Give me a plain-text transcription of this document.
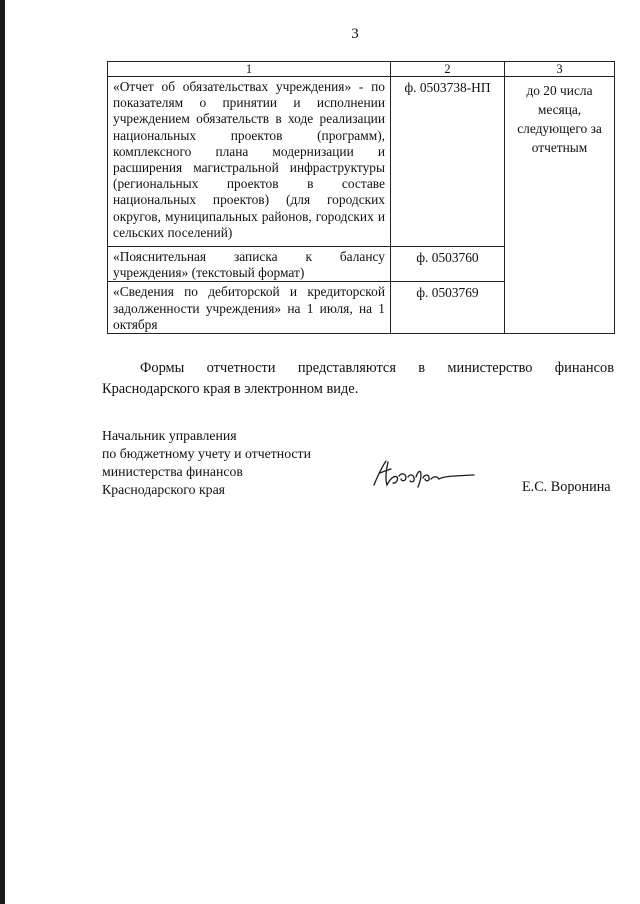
3
1	2	3
«Отчет об обязательствах учреждения» - по показателям о принятии и исполнении учреждением обязательств в ходе реализации национальных проектов (программ), комплексного плана модернизации и расширения магистральной инфраструктуры (региональных проектов в составе национальных проектов) (для городских округов, муниципальных районов, городских и сельских поселений)	ф. 0503738-НП	до 20 числа месяца, следующего за отчетным
«Пояснительная записка к балансу учреждения» (текстовый формат)	ф. 0503760	
«Сведения по дебиторской и кредиторской задолженности учреждения» на 1 июля, на 1 октября	ф. 0503769	
Формы отчетности представляются в министерство финансов Краснодарского края в электронном виде.
Начальник управления
по бюджетному учету и отчетности
министерства финансов
Краснодарского края	Е.С. Воронина
